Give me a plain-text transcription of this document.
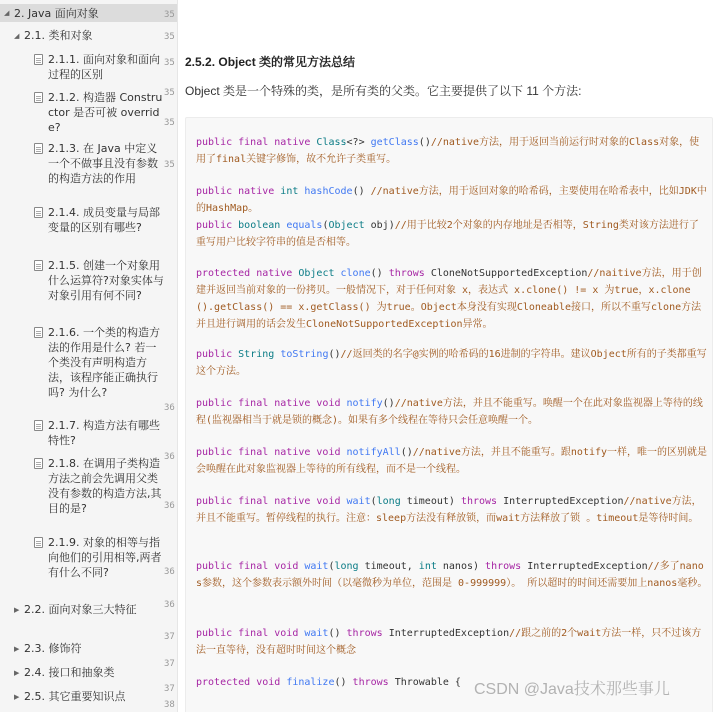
◢ 2. Java 面向对象
◢ 2.1. 类和对象
2.1.1. 面向对象和面向过程的区别
2.1.2. 构造器 Constructor 是否可被 override?
2.1.3. 在 Java 中定义一个不做事且没有参数的构造方法的作用
2.1.4. 成员变量与局部变量的区别有哪些?
2.1.5. 创建一个对象用什么运算符?对象实体与对象引用有何不同?
2.1.6. 一个类的构造方法的作用是什么? 若一个类没有声明构造方法，该程序能正确执行吗? 为什么?
2.1.7. 构造方法有哪些特性?
2.1.8. 在调用子类构造方法之前会先调用父类没有参数的构造方法,其目的是?
2.1.9. 对象的相等与指向他们的引用相等,两者有什么不同?
▶ 2.2. 面向对象三大特征
▶ 2.3. 修饰符
▶ 2.4. 接口和抽象类
▶ 2.5. 其它重要知识点
2.5.2. Object 类的常见方法总结
Object 类是一个特殊的类，是所有类的父类。它主要提供了以下 11 个方法:
public final native Class<?> getClass()//native方法，用于返回当前运行时对象的Class对象，使用了final关键字修饰，故不允许子类重写。
public native int hashCode() //native方法，用于返回对象的哈希码，主要使用在哈希表中，比如JDK中的HashMap。
public boolean equals(Object obj)//用于比较2个对象的内存地址是否相等，String类对该方法进行了重写用户比较字符串的值是否相等。
protected native Object clone() throws CloneNotSupportedException//naitive方法，用于创建并返回当前对象的一份拷贝。一般情况下，对于任何对象 x，表达式 x.clone() != x 为true，x.clone().getClass() == x.getClass() 为true。Object本身没有实现Cloneable接口，所以不重写clone方法并且进行调用的话会发生CloneNotSupportedException异常。
public String toString()//返回类的名字@实例的哈希码的16进制的字符串。建议Object所有的子类都重写这个方法。
public final native void notify()//native方法，并且不能重写。唤醒一个在此对象监视器上等待的线程(监视器相当于就是锁的概念)。如果有多个线程在等待只会任意唤醒一个。
public final native void notifyAll()//native方法，并且不能重写。跟notify一样，唯一的区别就是会唤醒在此对象监视器上等待的所有线程，而不是一个线程。
public final native void wait(long timeout) throws InterruptedException//native方法，并且不能重写。暂停线程的执行。注意：sleep方法没有释放锁，而wait方法释放了锁 。timeout是等待时间。
public final void wait(long timeout, int nanos) throws InterruptedException//多了nanos参数，这个参数表示额外时间（以毫微秒为单位，范围是 0-999999）。 所以超时的时间还需要加上nanos毫秒。
public final void wait() throws InterruptedException//跟之前的2个wait方法一样，只不过该方法一直等待，没有超时时间这个概念
protected void finalize() throws Throwable { CSDN @Java技术那些事儿
35
35
35
35
35
35
36
36
36
36
36
37
37
37
38
